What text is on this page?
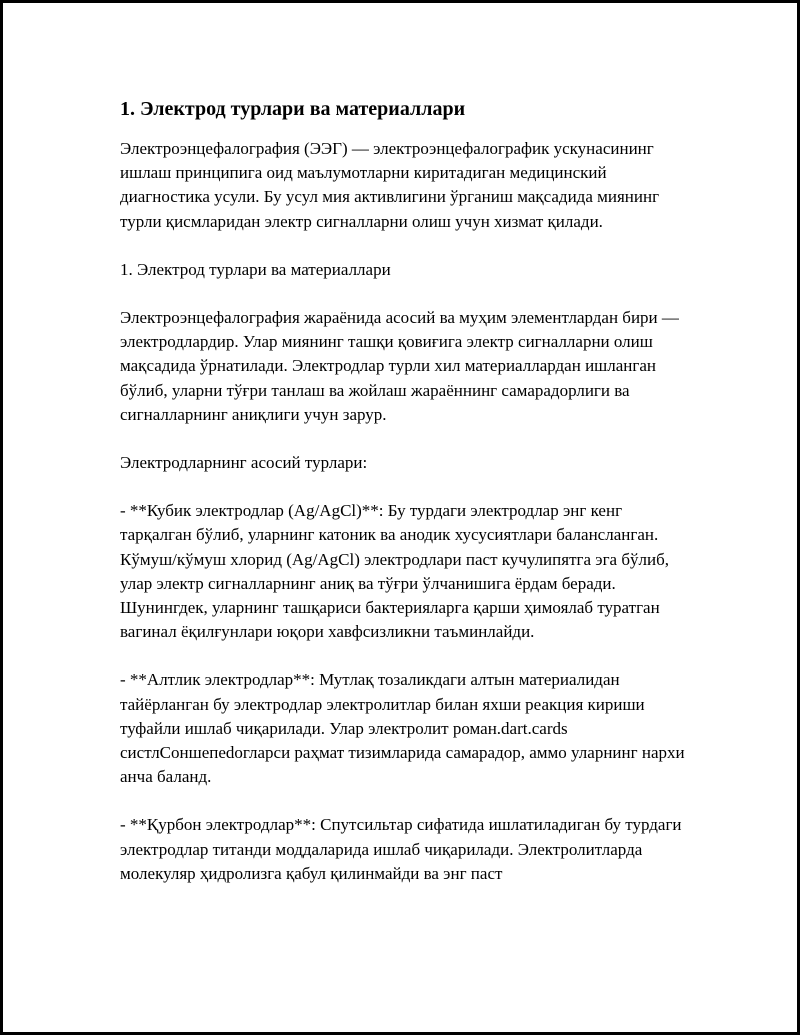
1. Электрод турлари ва материаллари

Электроэнцефалография (ЭЭГ) — электроэнцефалографик ускунасининг ишлаш принципига оид маълумотларни киритадиган медицинский диагностика усули. Бу усул мия активлигини ўрганиш мақсадида миянинг турли қисмларидан электр сигналларни олиш учун хизмат қилади.

1. Электрод турлари ва материаллари

Электроэнцефалография жараёнида асосий ва муҳим элементлардан бири — электродлардир. Улар миянинг ташқи қовиғига электр сигналларни олиш мақсадида ўрнатилади. Электродлар турли хил материаллардан ишланган бўлиб, уларни тўғри танлаш ва жойлаш жараённинг самарадорлиги ва сигналларнинг аниқлиги учун зарур.

Электродларнинг асосий турлари:

- **Кубик электродлар (Ag/AgCl)**: Бу турдаги электродлар энг кенг тарқалган бўлиб, уларнинг катоник ва анодик хусусиятлари балансланган. Кўмуш/кўмуш хлорид (Ag/AgCl) электродлари паст кучулипятга эга бўлиб, улар электр сигналларнинг аниқ ва тўғри ўлчанишига ёрдам беради. Шунингдек, уларнинг ташқариси бактерияларга қарши ҳимоялаб туратган вагинал ёқилғунлари юқори хавфсизликни таъминлайди.

- **Алтлик электродлар**: Мутлақ тозаликдаги алтын материалидан тайёрланган бу электродлар электролитлар билан яхши реакция кириши туфайли ишлаб чиқарилади. Улар электролит роман.dart.cards систлСоншепеdогларси раҳмат тизимларида самарадор, аммо уларнинг нархи анча баланд.

- **Қурбон электродлар**: Спутсильтар сифатида ишлатиладиган бу турдаги электродлар титанди моддаларида ишлаб чиқарилади. Электролитларда молекуляр ҳидролизга қабул қилинмайди ва энг паст
